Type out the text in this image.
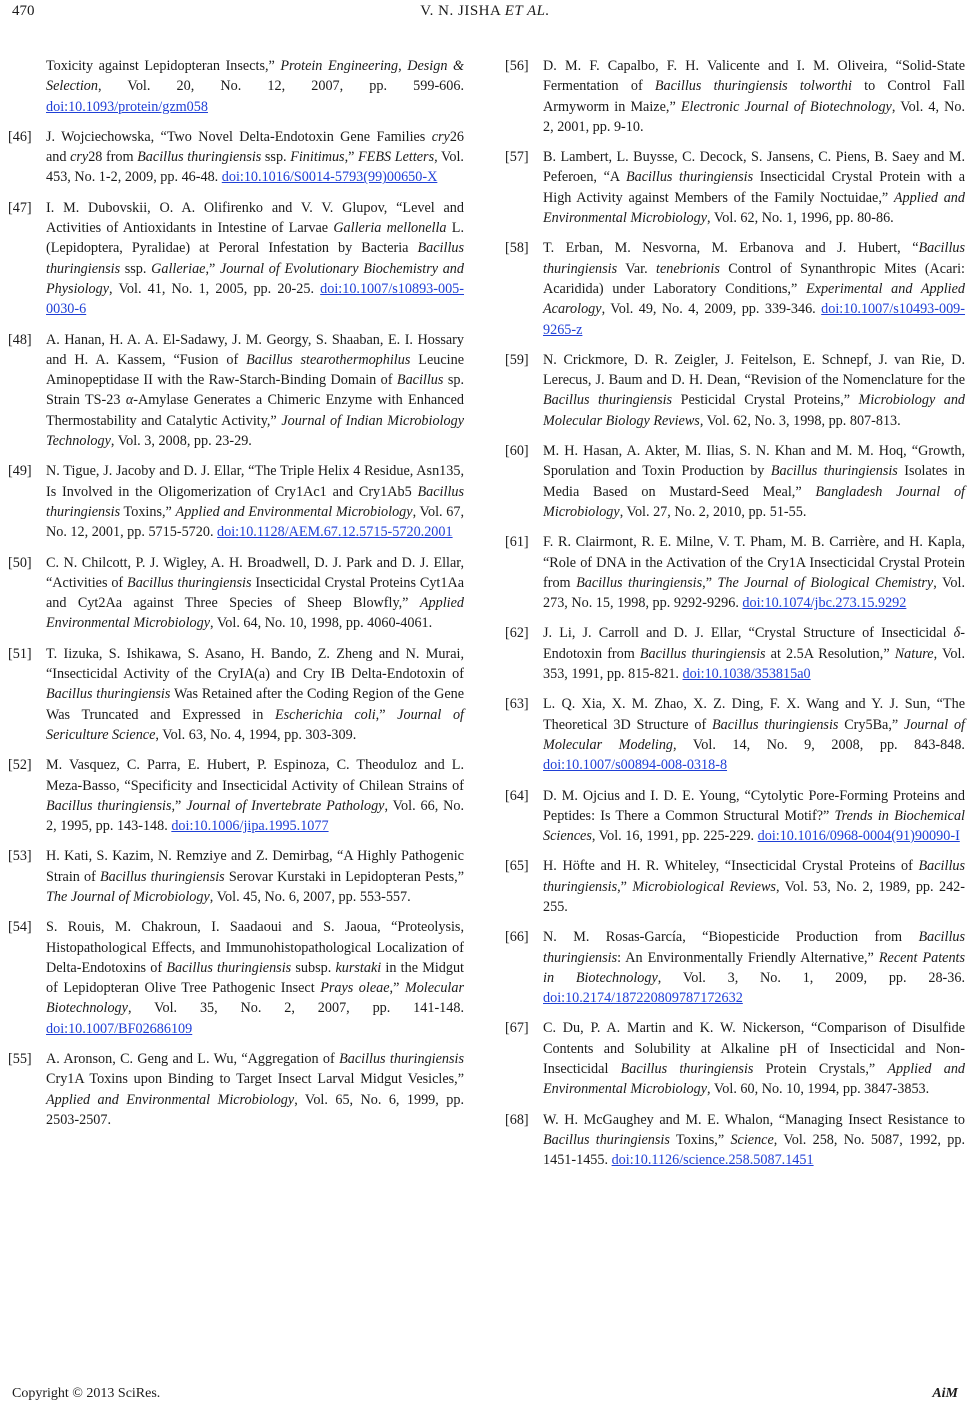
470	V. N. JISHA ET AL.
Toxicity against Lepidopteran Insects,” Protein Engineering, Design & Selection, Vol. 20, No. 12, 2007, pp. 599-606. doi:10.1093/protein/gzm058
[46]	J. Wojciechowska, “Two Novel Delta-Endotoxin Gene Families cry26 and cry28 from Bacillus thuringiensis ssp. Finitimus,” FEBS Letters, Vol. 453, No. 1-2, 2009, pp. 46-48. doi:10.1016/S0014-5793(99)00650-X
[47]	I. M. Dubovskii, O. A. Olifirenko and V. V. Glupov, “Level and Activities of Antioxidants in Intestine of Larvae Galleria mellonella L. (Lepidoptera, Pyralidae) at Peroral Infestation by Bacteria Bacillus thuringiensis ssp. Galleriae,” Journal of Evolutionary Biochemistry and Physiology, Vol. 41, No. 1, 2005, pp. 20-25. doi:10.1007/s10893-005-0030-6
[48]	A. Hanan, H. A. A. El-Sadawy, J. M. Georgy, S. Shaaban, E. I. Hossary and H. A. Kassem, “Fusion of Bacillus stearothermophilus Leucine Aminopeptidase II with the Raw-Starch-Binding Domain of Bacillus sp. Strain TS-23 α-Amylase Generates a Chimeric Enzyme with Enhanced Thermostability and Catalytic Activity,” Journal of Indian Microbiology Technology, Vol. 3, 2008, pp. 23-29.
[49]	N. Tigue, J. Jacoby and D. J. Ellar, “The Triple Helix 4 Residue, Asn135, Is Involved in the Oligomerization of Cry1Ac1 and Cry1Ab5 Bacillus thuringiensis Toxins,” Applied and Environmental Microbiology, Vol. 67, No. 12, 2001, pp. 5715-5720. doi:10.1128/AEM.67.12.5715-5720.2001
[50]	C. N. Chilcott, P. J. Wigley, A. H. Broadwell, D. J. Park and D. J. Ellar, “Activities of Bacillus thuringiensis Insecticidal Crystal Proteins Cyt1Aa and Cyt2Aa against Three Species of Sheep Blowfly,” Applied Environmental Microbiology, Vol. 64, No. 10, 1998, pp. 4060-4061.
[51]	T. Iizuka, S. Ishikawa, S. Asano, H. Bando, Z. Zheng and N. Murai, “Insecticidal Activity of the CryIA(a) and Cry IB Delta-Endotoxin of Bacillus thuringiensis Was Retained after the Coding Region of the Gene Was Truncated and Expressed in Escherichia coli,” Journal of Sericulture Science, Vol. 63, No. 4, 1994, pp. 303-309.
[52]	M. Vasquez, C. Parra, E. Hubert, P. Espinoza, C. Theoduloz and L. Meza-Basso, “Specificity and Insecticidal Activity of Chilean Strains of Bacillus thuringiensis,” Journal of Invertebrate Pathology, Vol. 66, No. 2, 1995, pp. 143-148. doi:10.1006/jipa.1995.1077
[53]	H. Kati, S. Kazim, N. Remziye and Z. Demirbag, “A Highly Pathogenic Strain of Bacillus thuringiensis Serovar Kurstaki in Lepidopteran Pests,” The Journal of Microbiology, Vol. 45, No. 6, 2007, pp. 553-557.
[54]	S. Rouis, M. Chakroun, I. Saadaoui and S. Jaoua, “Proteolysis, Histopathological Effects, and Immunohistopathological Localization of Delta-Endotoxins of Bacillus thuringiensis subsp. kurstaki in the Midgut of Lepidopteran Olive Tree Pathogenic Insect Prays oleae,” Molecular Biotechnology, Vol. 35, No. 2, 2007, pp. 141-148. doi:10.1007/BF02686109
[55]	A. Aronson, C. Geng and L. Wu, “Aggregation of Bacillus thuringiensis Cry1A Toxins upon Binding to Target Insect Larval Midgut Vesicles,” Applied and Environmental Microbiology, Vol. 65, No. 6, 1999, pp. 2503-2507.
[56]	D. M. F. Capalbo, F. H. Valicente and I. M. Oliveira, “Solid-State Fermentation of Bacillus thuringiensis tolworthi to Control Fall Armyworm in Maize,” Electronic Journal of Biotechnology, Vol. 4, No. 2, 2001, pp. 9-10.
[57]	B. Lambert, L. Buysse, C. Decock, S. Jansens, C. Piens, B. Saey and M. Peferoen, “A Bacillus thuringiensis Insecticidal Crystal Protein with a High Activity against Members of the Family Noctuidae,” Applied and Environmental Microbiology, Vol. 62, No. 1, 1996, pp. 80-86.
[58]	T. Erban, M. Nesvorna, M. Erbanova and J. Hubert, “Bacillus thuringiensis Var. tenebrionis Control of Synanthropic Mites (Acari: Acaridida) under Laboratory Conditions,” Experimental and Applied Acarology, Vol. 49, No. 4, 2009, pp. 339-346. doi:10.1007/s10493-009-9265-z
[59]	N. Crickmore, D. R. Zeigler, J. Feitelson, E. Schnepf, J. van Rie, D. Lerecus, J. Baum and D. H. Dean, “Revision of the Nomenclature for the Bacillus thuringiensis Pesticidal Crystal Proteins,” Microbiology and Molecular Biology Reviews, Vol. 62, No. 3, 1998, pp. 807-813.
[60]	M. H. Hasan, A. Akter, M. Ilias, S. N. Khan and M. M. Hoq, “Growth, Sporulation and Toxin Production by Bacillus thuringiensis Isolates in Media Based on Mustard-Seed Meal,” Bangladesh Journal of Microbiology, Vol. 27, No. 2, 2010, pp. 51-55.
[61]	F. R. Clairmont, R. E. Milne, V. T. Pham, M. B. Carrière, and H. Kapla, “Role of DNA in the Activation of the Cry1A Insecticidal Crystal Protein from Bacillus thuringiensis,” The Journal of Biological Chemistry, Vol. 273, No. 15, 1998, pp. 9292-9296. doi:10.1074/jbc.273.15.9292
[62]	J. Li, J. Carroll and D. J. Ellar, “Crystal Structure of Insecticidal δ-Endotoxin from Bacillus thuringiensis at 2.5A Resolution,” Nature, Vol. 353, 1991, pp. 815-821. doi:10.1038/353815a0
[63]	L. Q. Xia, X. M. Zhao, X. Z. Ding, F. X. Wang and Y. J. Sun, “The Theoretical 3D Structure of Bacillus thuringiensis Cry5Ba,” Journal of Molecular Modeling, Vol. 14, No. 9, 2008, pp. 843-848. doi:10.1007/s00894-008-0318-8
[64]	D. M. Ojcius and I. D. E. Young, “Cytolytic Pore-Forming Proteins and Peptides: Is There a Common Structural Motif?” Trends in Biochemical Sciences, Vol. 16, 1991, pp. 225-229. doi:10.1016/0968-0004(91)90090-I
[65]	H. Höfte and H. R. Whiteley, “Insecticidal Crystal Proteins of Bacillus thuringiensis,” Microbiological Reviews, Vol. 53, No. 2, 1989, pp. 242-255.
[66]	N. M. Rosas-García, “Biopesticide Production from Bacillus thuringiensis: An Environmentally Friendly Alternative,” Recent Patents in Biotechnology, Vol. 3, No. 1, 2009, pp. 28-36. doi:10.2174/187220809787172632
[67]	C. Du, P. A. Martin and K. W. Nickerson, “Comparison of Disulfide Contents and Solubility at Alkaline pH of Insecticidal and Non-Insecticidal Bacillus thuringiensis Protein Crystals,” Applied and Environmental Microbiology, Vol. 60, No. 10, 1994, pp. 3847-3853.
[68]	W. H. McGaughey and M. E. Whalon, “Managing Insect Resistance to Bacillus thuringiensis Toxins,” Science, Vol. 258, No. 5087, 1992, pp. 1451-1455. doi:10.1126/science.258.5087.1451
Copyright © 2013 SciRes.	AiM
